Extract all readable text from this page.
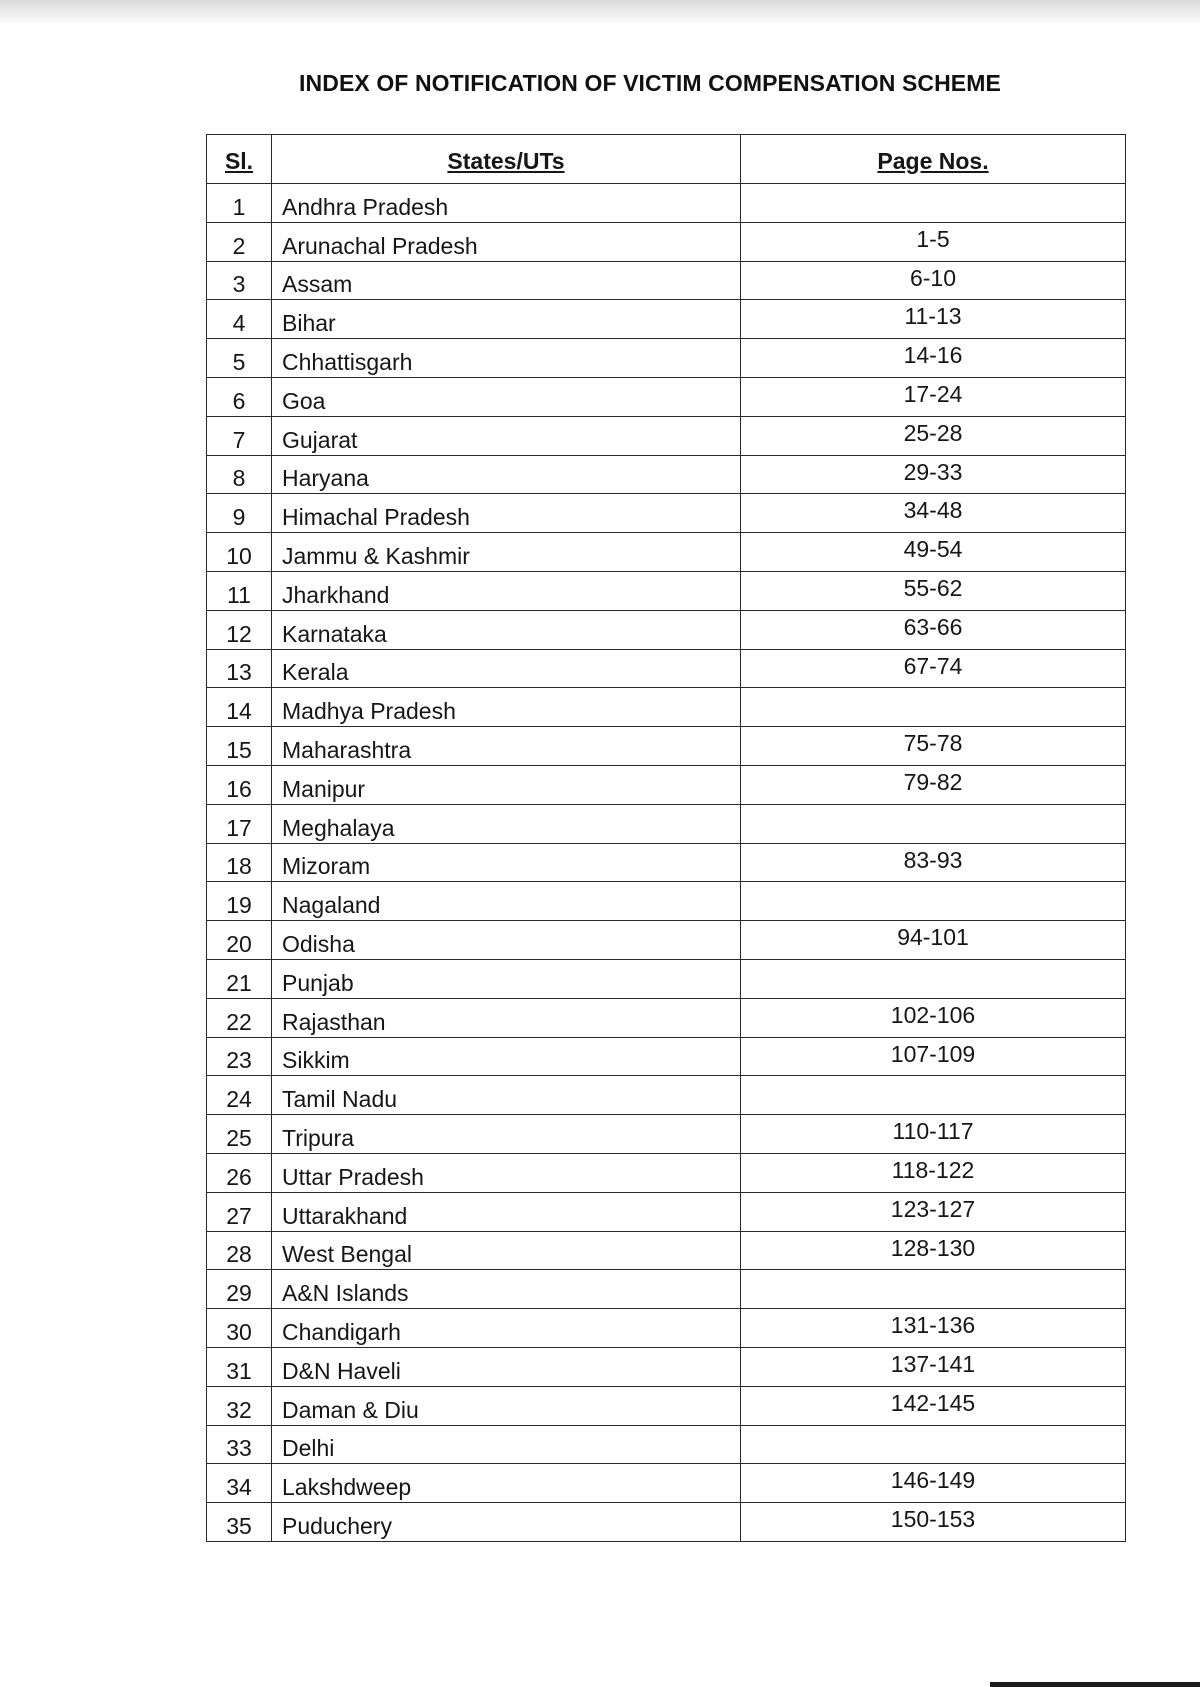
INDEX OF NOTIFICATION OF VICTIM COMPENSATION SCHEME
Sl.	States/UTs	Page Nos.
1	Andhra Pradesh	
2	Arunachal Pradesh	1-5
3	Assam	6-10
4	Bihar	11-13
5	Chhattisgarh	14-16
6	Goa	17-24
7	Gujarat	25-28
8	Haryana	29-33
9	Himachal Pradesh	34-48
10	Jammu & Kashmir	49-54
11	Jharkhand	55-62
12	Karnataka	63-66
13	Kerala	67-74
14	Madhya Pradesh	
15	Maharashtra	75-78
16	Manipur	79-82
17	Meghalaya	
18	Mizoram	83-93
19	Nagaland	
20	Odisha	94-101
21	Punjab	
22	Rajasthan	102-106
23	Sikkim	107-109
24	Tamil Nadu	
25	Tripura	110-117
26	Uttar Pradesh	118-122
27	Uttarakhand	123-127
28	West Bengal	128-130
29	A&N Islands	
30	Chandigarh	131-136
31	D&N Haveli	137-141
32	Daman & Diu	142-145
33	Delhi	
34	Lakshdweep	146-149
35	Puduchery	150-153
